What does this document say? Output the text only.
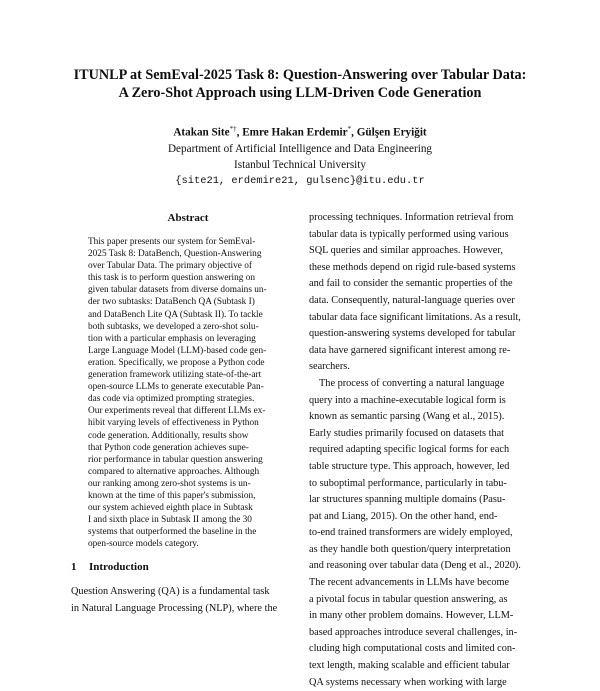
ITUNLP at SemEval-2025 Task 8: Question-Answering over Tabular Data:
A Zero-Shot Approach using LLM-Driven Code Generation
Atakan Site*†, Emre Hakan Erdemir*, Gülşen Eryiğit
Department of Artificial Intelligence and Data Engineering
Istanbul Technical University
{site21, erdemire21, gulsenc}@itu.edu.tr
Abstract
This paper presents our system for SemEval-
2025 Task 8: DataBench, Question-Answering
over Tabular Data. The primary objective of
this task is to perform question answering on
given tabular datasets from diverse domains un-
der two subtasks: DataBench QA (Subtask I)
and DataBench Lite QA (Subtask II). To tackle
both subtasks, we developed a zero-shot solu-
tion with a particular emphasis on leveraging
Large Language Model (LLM)-based code gen-
eration. Specifically, we propose a Python code
generation framework utilizing state-of-the-art
open-source LLMs to generate executable Pan-
das code via optimized prompting strategies.
Our experiments reveal that different LLMs ex-
hibit varying levels of effectiveness in Python
code generation. Additionally, results show
that Python code generation achieves supe-
rior performance in tabular question answering
compared to alternative approaches. Although
our ranking among zero-shot systems is un-
known at the time of this paper's submission,
our system achieved eighth place in Subtask
I and sixth place in Subtask II among the 30
systems that outperformed the baseline in the
open-source models category.
1 Introduction
Question Answering (QA) is a fundamental task
in Natural Language Processing (NLP), where the
processing techniques. Information retrieval from
tabular data is typically performed using various
SQL queries and similar approaches. However,
these methods depend on rigid rule-based systems
and fail to consider the semantic properties of the
data. Consequently, natural-language queries over
tabular data face significant limitations. As a result,
question-answering systems developed for tabular
data have garnered significant interest among re-
searchers.
The process of converting a natural language
query into a machine-executable logical form is
known as semantic parsing (Wang et al., 2015).
Early studies primarily focused on datasets that
required adapting specific logical forms for each
table structure type. This approach, however, led
to suboptimal performance, particularly in tabu-
lar structures spanning multiple domains (Pasu-
pat and Liang, 2015). On the other hand, end-
to-end trained transformers are widely employed,
as they handle both question/query interpretation
and reasoning over tabular data (Deng et al., 2020).
The recent advancements in LLMs have become
a pivotal focus in tabular question answering, as
in many other problem domains. However, LLM-
based approaches introduce several challenges, in-
cluding high computational costs and limited con-
text length, making scalable and efficient tabular
QA systems necessary when working with large
